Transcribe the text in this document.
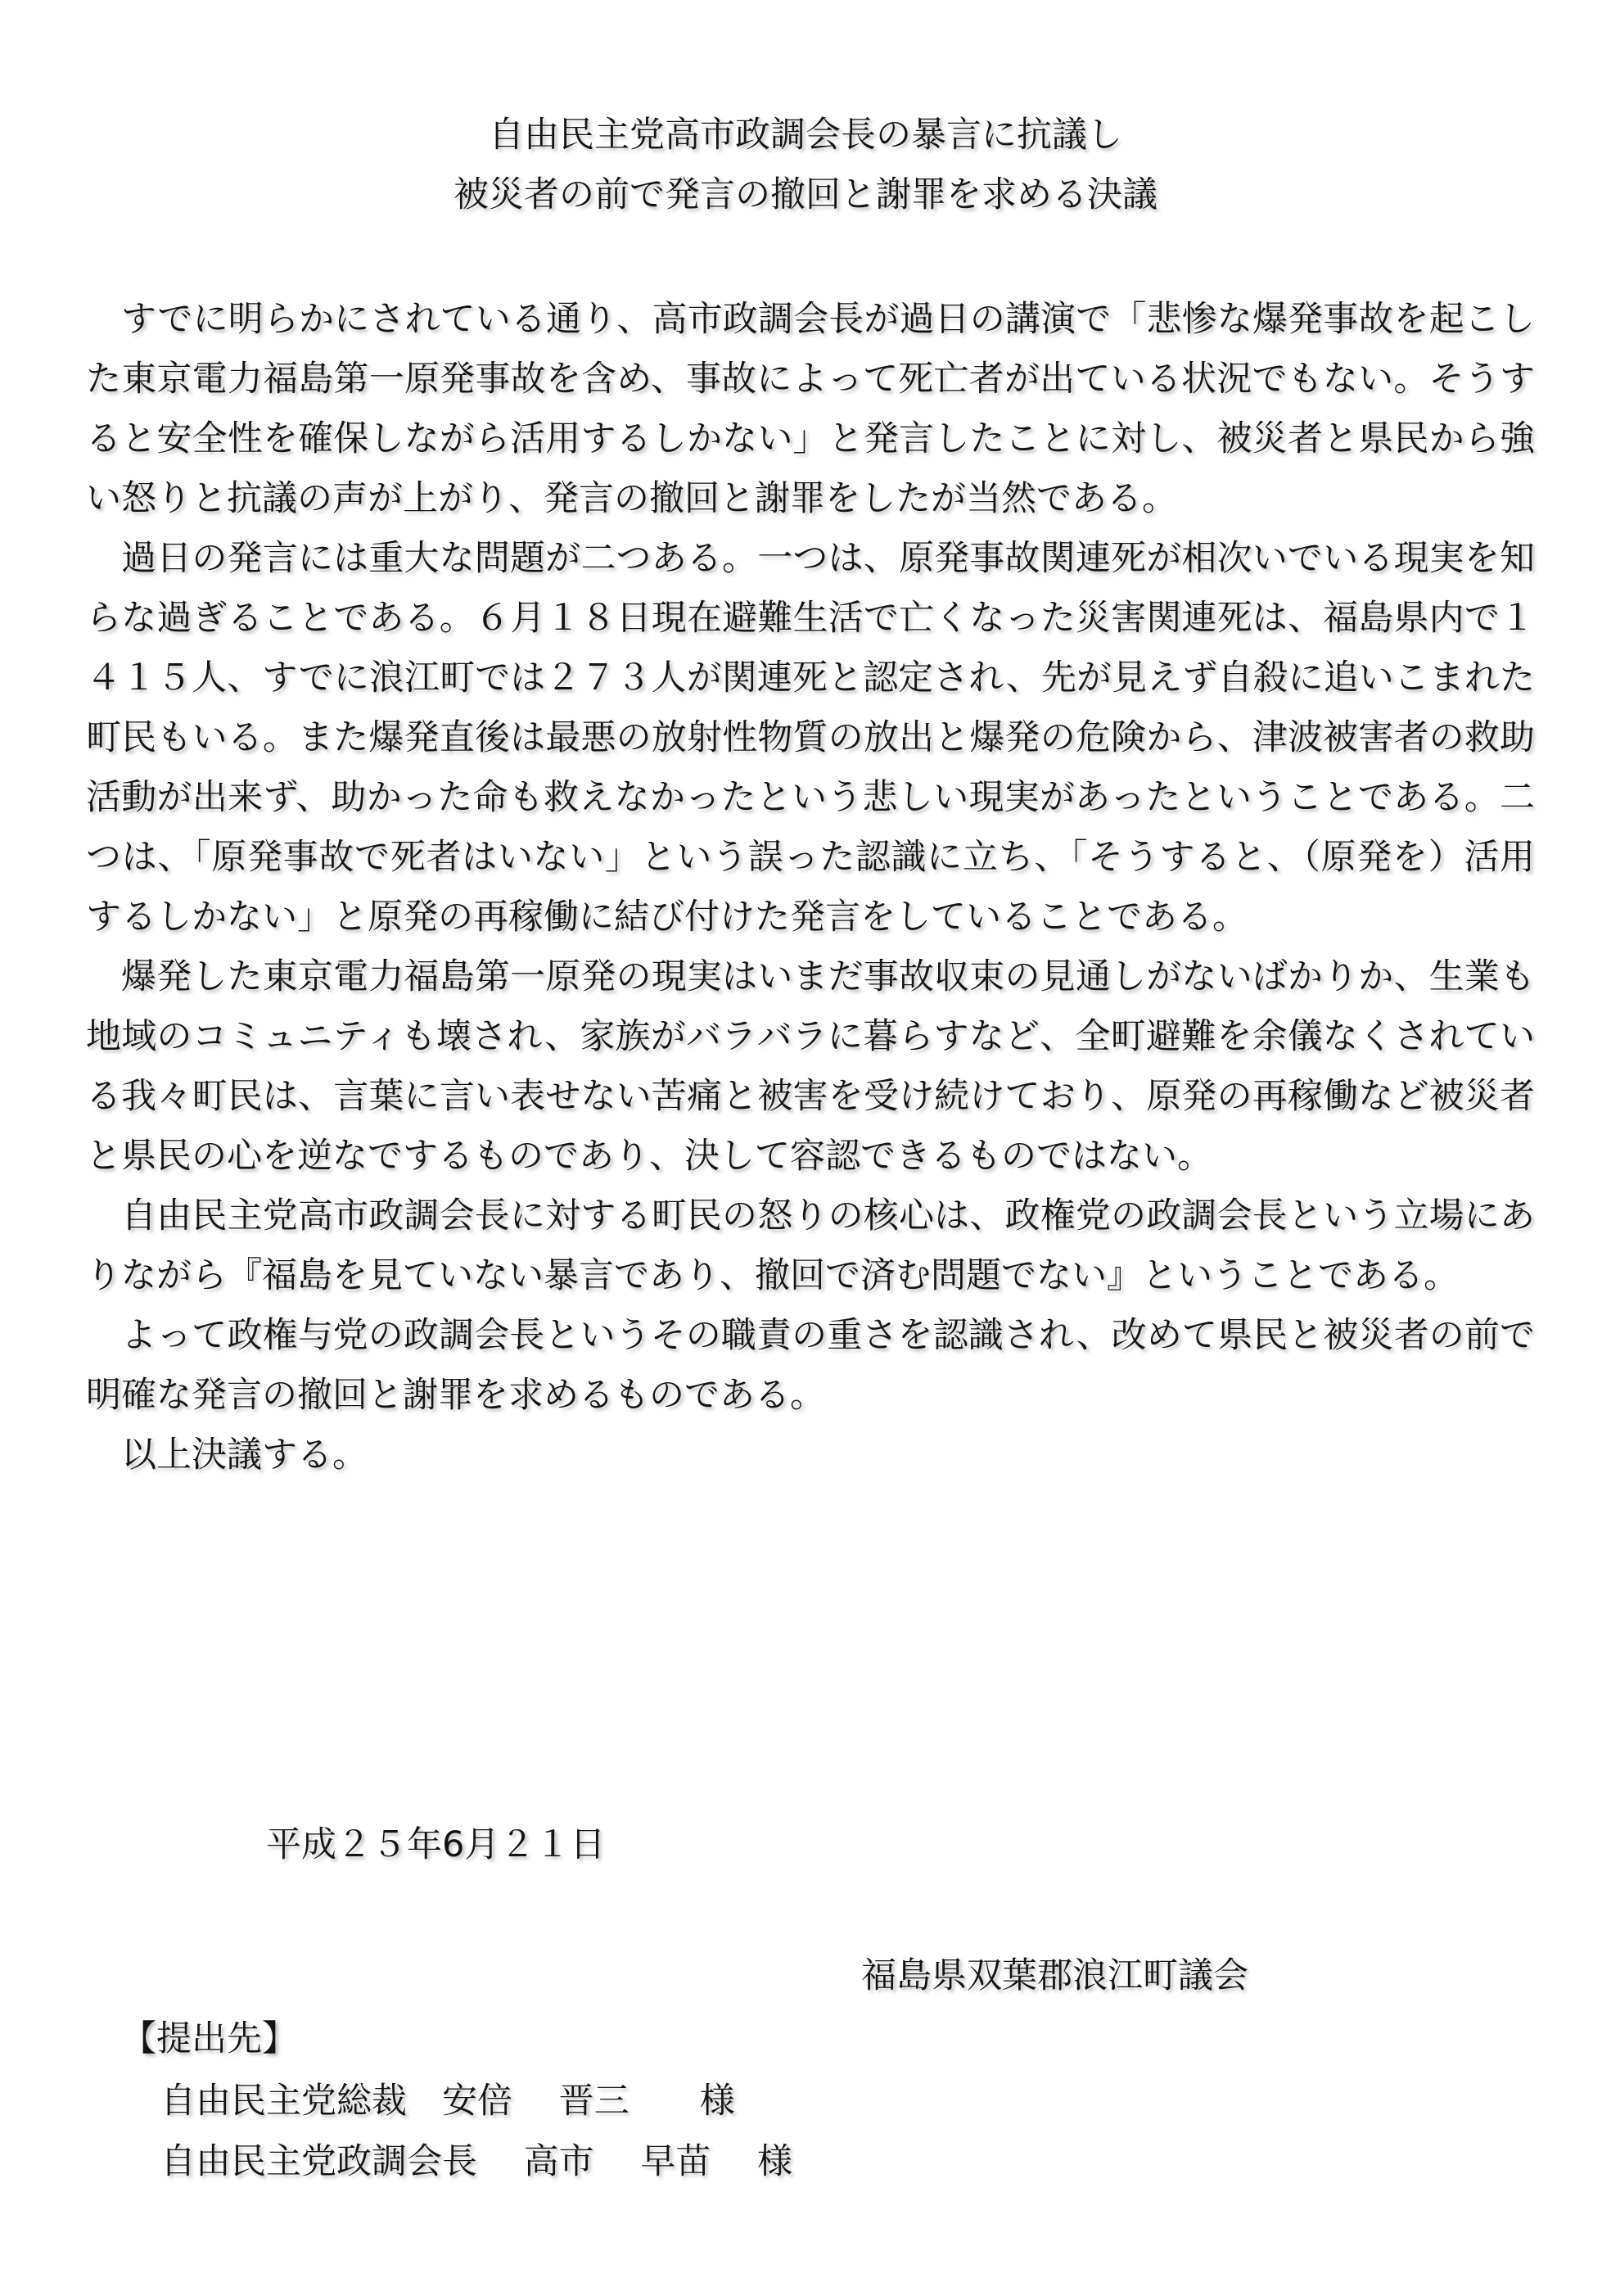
自由民主党高市政調会長の暴言に抗議し
被災者の前で発言の撤回と謝罪を求める決議

すでに明らかにされている通り、高市政調会長が過日の講演で「悲惨な爆発事故を起こした東京電力福島第一原発事故を含め、事故によって死亡者が出ている状況でもない。そうすると安全性を確保しながら活用するしかない」と発言したことに対し、被災者と県民から強い怒りと抗議の声が上がり、発言の撤回と謝罪をしたが当然である。

過日の発言には重大な問題が二つある。一つは、原発事故関連死が相次いでいる現実を知らな過ぎることである。６月１８日現在避難生活で亡くなった災害関連死は、福島県内で１４１５人、すでに浪江町では２７３人が関連死と認定され、先が見えず自殺に追いこまれた町民もいる。また爆発直後は最悪の放射性物質の放出と爆発の危険から、津波被害者の救助活動が出来ず、助かった命も救えなかったという悲しい現実があったということである。二つは、「原発事故で死者はいない」という誤った認識に立ち、「そうすると、（原発を）活用するしかない」と原発の再稼働に結び付けた発言をしていることである。

爆発した東京電力福島第一原発の現実はいまだ事故収束の見通しがないばかりか、生業も地域のコミュニティも壊され、家族がバラバラに暮らすなど、全町避難を余儀なくされている我々町民は、言葉に言い表せない苦痛と被害を受け続けており、原発の再稼働など被災者と県民の心を逆なでするものであり、決して容認できるものではない。

自由民主党高市政調会長に対する町民の怒りの核心は、政権党の政調会長という立場にありながら『福島を見ていない暴言であり、撤回で済む問題でない』ということである。

よって政権与党の政調会長というその職責の重さを認識され、改めて県民と被災者の前で明確な発言の撤回と謝罪を求めるものである。

以上決議する。

平成２５年6月２１日
福島県双葉郡浪江町議会
【提出先】
自由民主党総裁　安倍　 晋三　　様
自由民主党政調会長　 高市　 早苗　 様
